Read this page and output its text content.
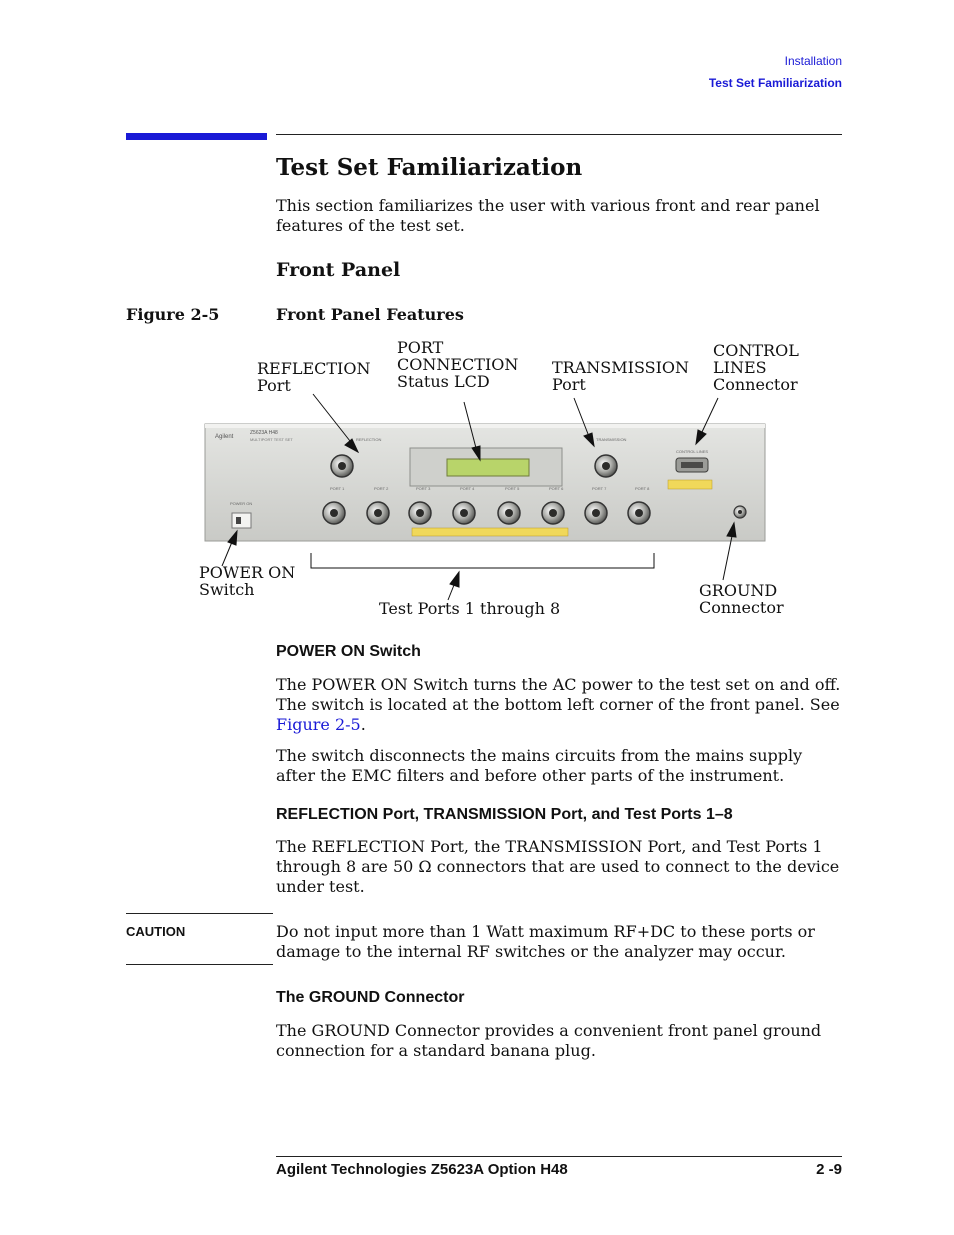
Installation
Test Set Familiarization
Test Set Familiarization
This section familiarizes the user with various front and rear panel features of the test set.
Front Panel
Figure 2-5	Front Panel Features
REFLECTION
Port
PORT
CONNECTION
Status LCD
TRANSMISSION
Port
CONTROL
LINES
Connector
POWER ON
Switch
Test Ports 1 through 8
GROUND
Connector
Agilent
Z5623A H48
MULTIPORT TEST SET
POWER ON
REFLECTION	TRANSMISSION
CONTROL LINES
PORT 1	PORT 2	PORT 3	PORT 4	PORT 5	PORT 6	PORT 7	PORT 8
POWER ON Switch
The POWER ON Switch turns the AC power to the test set on and off. The switch is located at the bottom left corner of the front panel. See Figure 2-5.
The switch disconnects the mains circuits from the mains supply after the EMC filters and before other parts of the instrument.
REFLECTION Port, TRANSMISSION Port, and Test Ports 1–8
The REFLECTION Port, the TRANSMISSION Port, and Test Ports 1 through 8 are 50 Ω connectors that are used to connect to the device under test.
CAUTION	Do not input more than 1 Watt maximum RF+DC to these ports or damage to the internal RF switches or the analyzer may occur.
The GROUND Connector
The GROUND Connector provides a convenient front panel ground connection for a standard banana plug.
Agilent Technologies Z5623A Option H48	2 -9
